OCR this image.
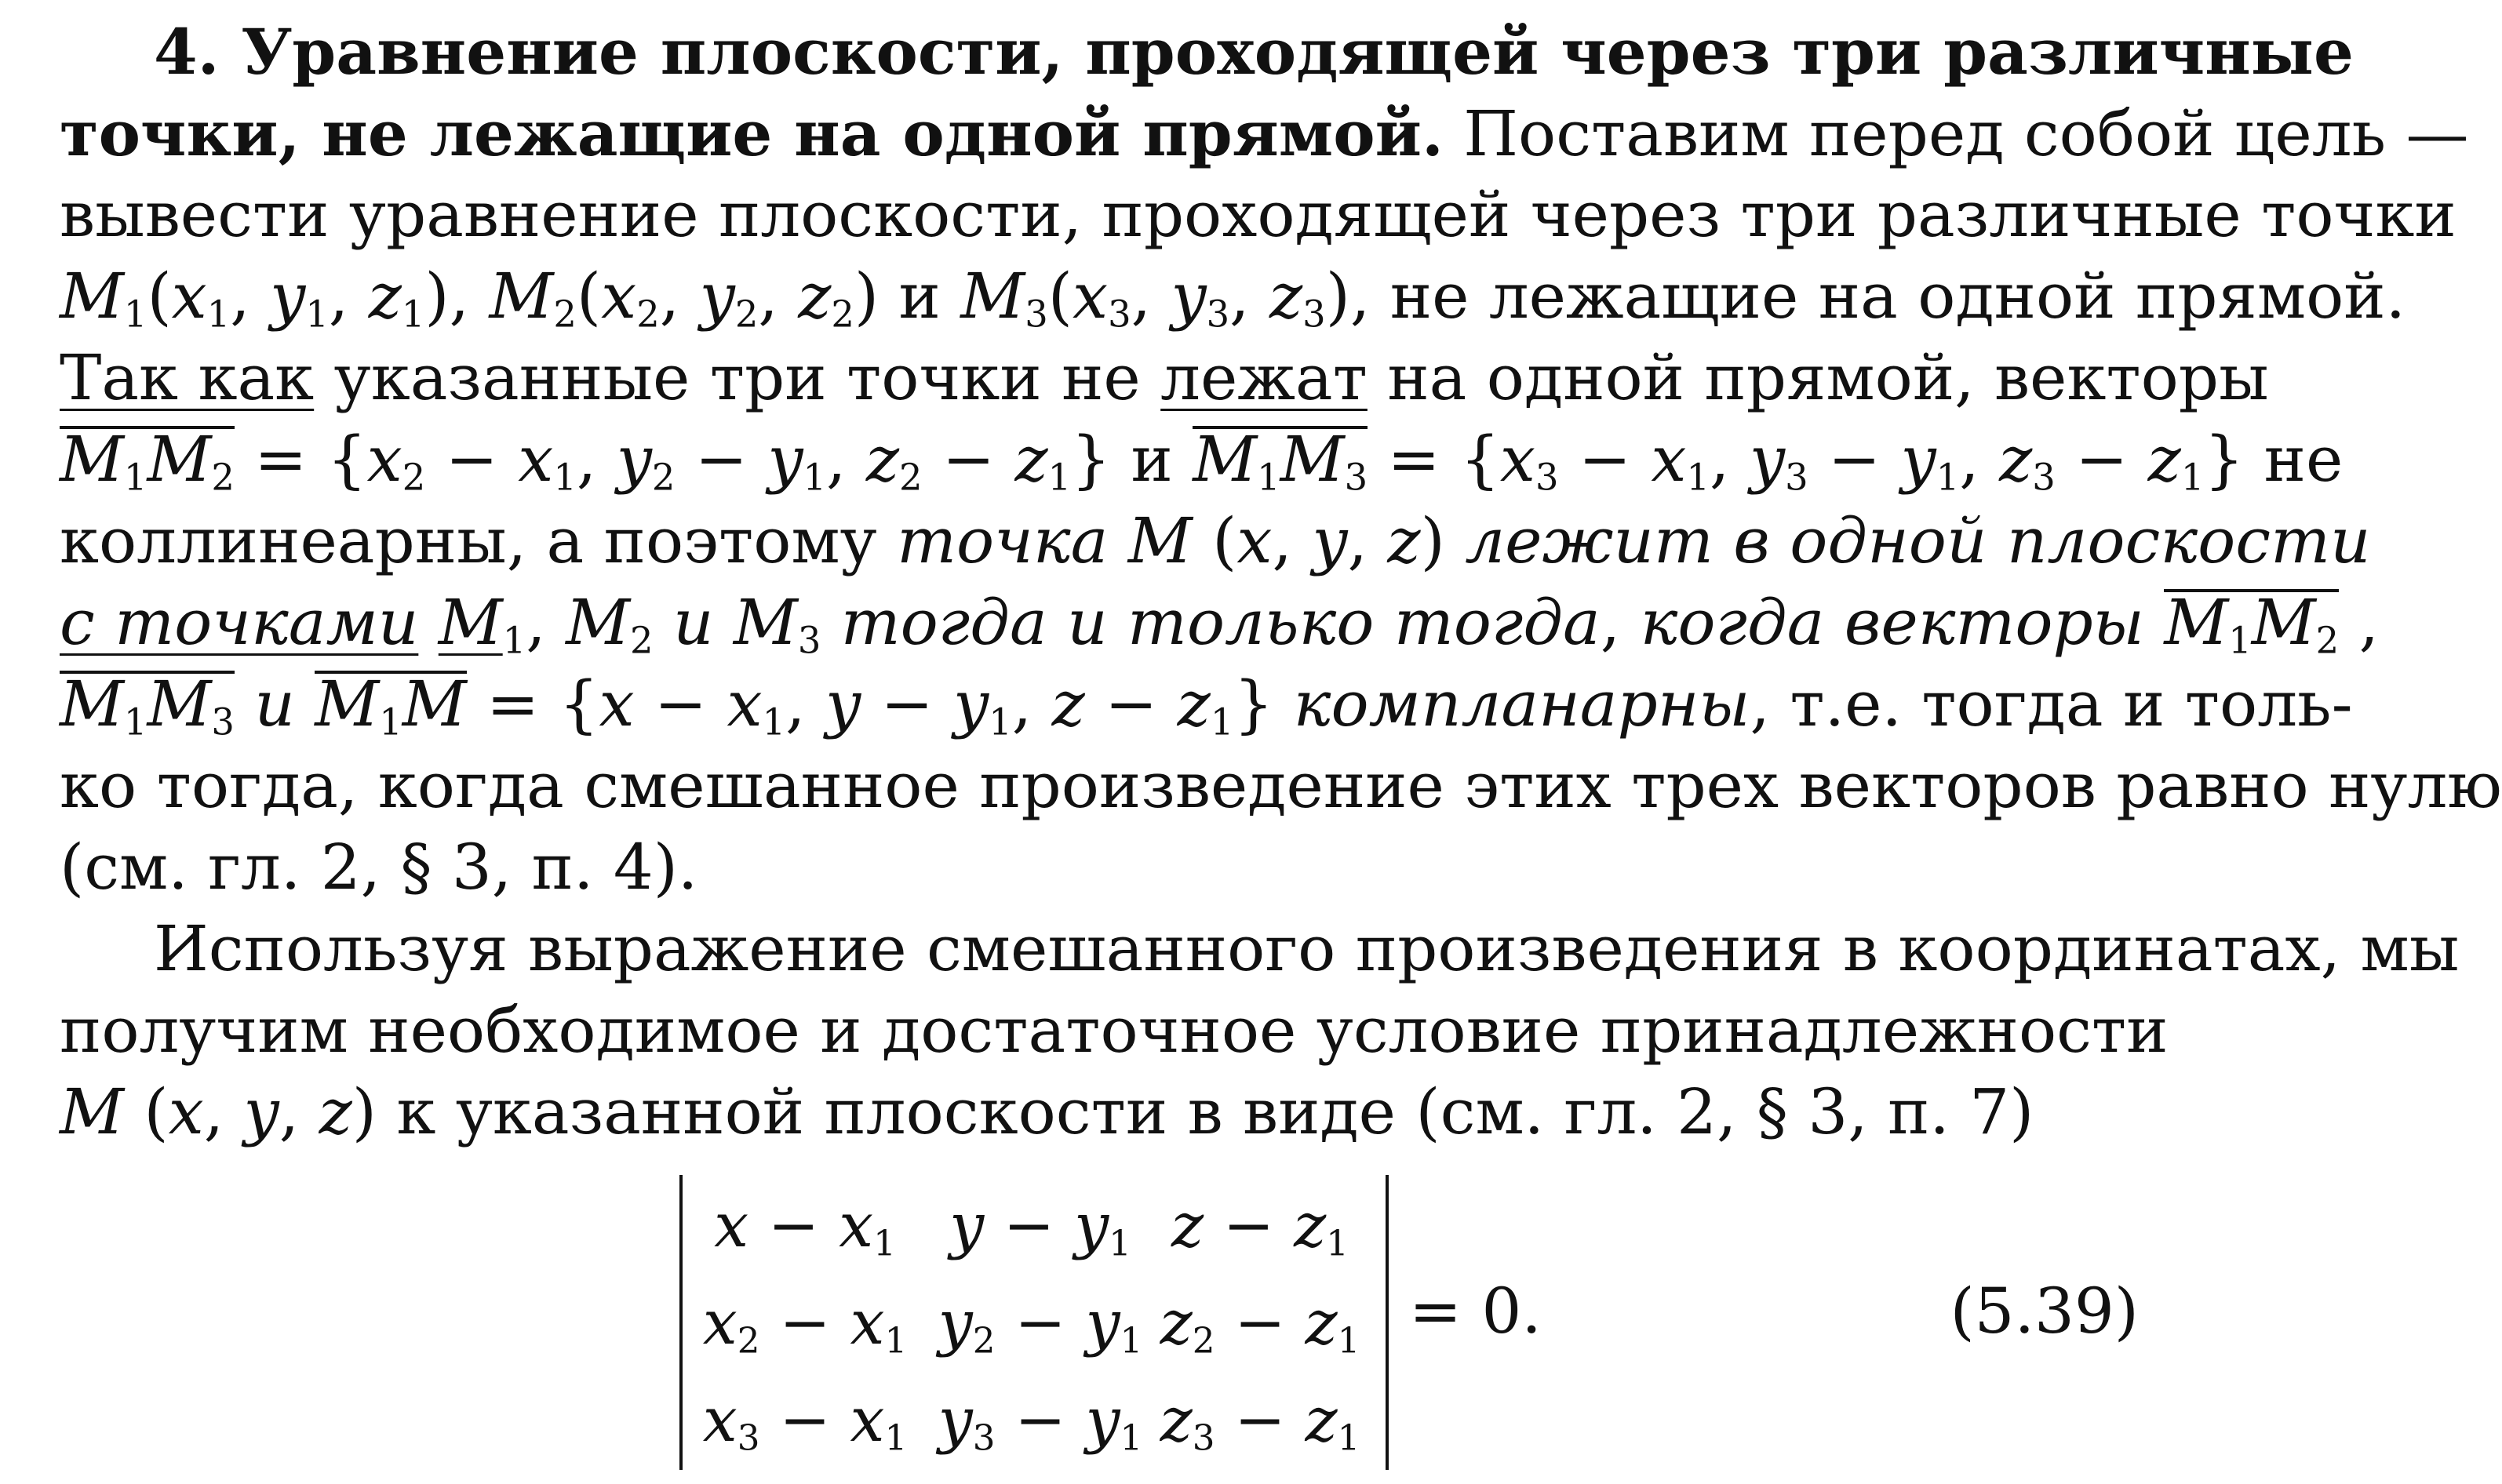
4. Уравнение плоскости, проходящей через три различные
точки, не лежащие на одной прямой. Поставим перед собой цель —
вывести уравнение плоскости, проходящей через три различные точки
$M_1(x_1$, $y_1$, $z_1$), $M_2(x_2$, $y_2$, $z_2$) и $M_3(x_3$, $y_3$, $z_3$), не лежащие на одной прямой.
Так как указанные три точки не лежат на одной прямой, векторы
$M_1M_2 = \{x_2 - x_1$, $y_2 - y_1$, $z_2 - z_1$} и $M_1M_3 = \{x_3 - x_1$, $y_3 - y_1$, $z_3 - z_1$} не
коллинеарны, а поэтому точка M (x, y, z) лежит в одной плоскости
с точками $M_1$, $M_2$ и $M_3$ тогда и только тогда, когда векторы $M_1M_2$ ,
$M_1M_3$ и $M_1M = \{x - x_1$, $y - y_1$, $z - z_1$} компланарны, т.е. тогда и толь-
ко тогда, когда смешанное произведение этих трех векторов равно нулю
(см. гл. 2, § 3, п. 4).
Используя выражение смешанного произведения в координатах, мы
получим необходимое и достаточное условие принадлежности
M (x, y, z) к указанной плоскости в виде (см. гл. 2, § 3, п. 7)
$x - x_1$ $y - y_1$ $z - z_1$
$x_2 - x_1$ $y_2 - y_1$ $z_2 - z_1$
$x_3 - x_1$ $y_3 - y_1$ $z_3 - z_1$
= 0.	(5.39)
